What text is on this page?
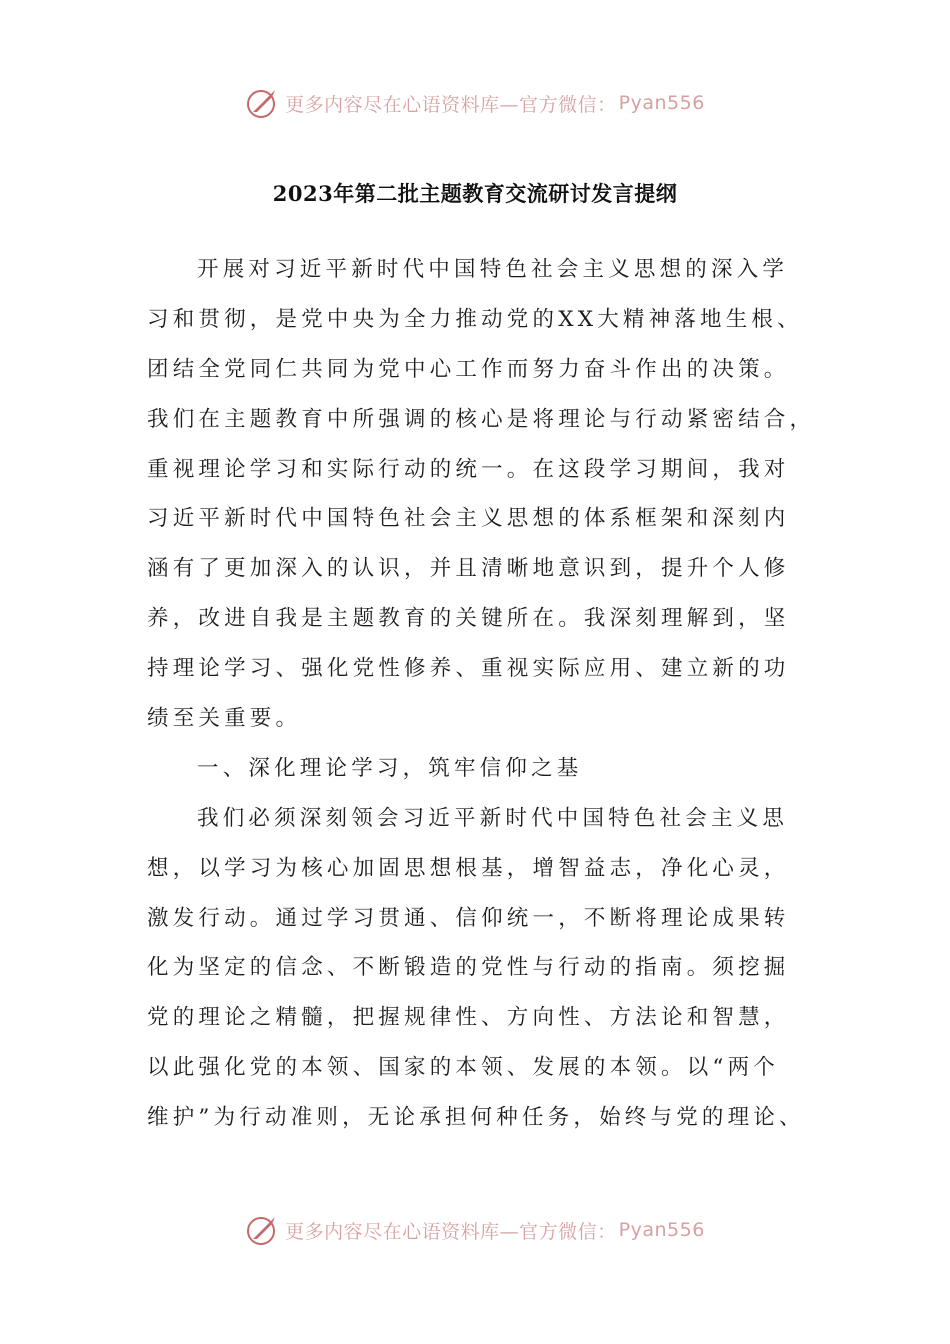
更多内容尽在心语资料库—官方微信： Pyan556
2023年第二批主题教育交流研讨发言提纲
开展对习近平新时代中国特色社会主义思想的深入学
习和贯彻，是党中央为全力推动党的XX大精神落地生根、
团结全党同仁共同为党中心工作而努力奋斗作出的决策。
我们在主题教育中所强调的核心是将理论与行动紧密结合，
重视理论学习和实际行动的统一。在这段学习期间，我对
习近平新时代中国特色社会主义思想的体系框架和深刻内
涵有了更加深入的认识，并且清晰地意识到，提升个人修
养，改进自我是主题教育的关键所在。我深刻理解到，坚
持理论学习、强化党性修养、重视实际应用、建立新的功
绩至关重要。
一、深化理论学习，筑牢信仰之基
我们必须深刻领会习近平新时代中国特色社会主义思
想，以学习为核心加固思想根基，增智益志，净化心灵，
激发行动。通过学习贯通、信仰统一，不断将理论成果转
化为坚定的信念、不断锻造的党性与行动的指南。须挖掘
党的理论之精髓，把握规律性、方向性、方法论和智慧，
以此强化党的本领、国家的本领、发展的本领。以“两个
维护”为行动准则，无论承担何种任务，始终与党的理论、
更多内容尽在心语资料库—官方微信： Pyan556
